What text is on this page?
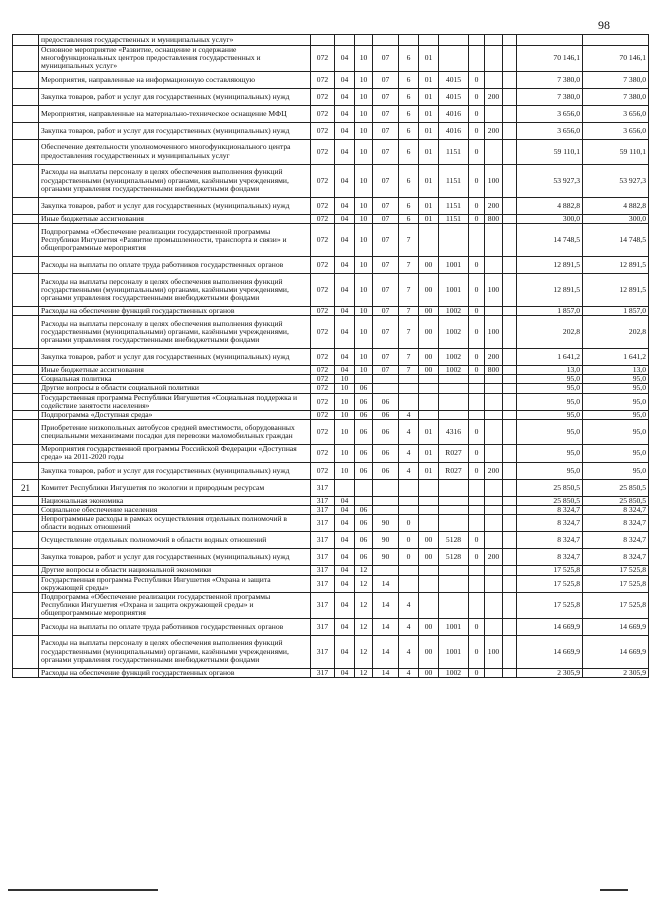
98
	предоставления государственных и муниципальных услуг»												
	Основное мероприятие «Развитие, оснащение и содержание многофункциональных центров предоставления государственных и муниципальных услуг»	072	04	10	07	6	01					70 146,1	70 146,1
	Мероприятия, направленные на информационную составляющую	072	04	10	07	6	01	4015	0			7 380,0	7 380,0
	Закупка товаров, работ и услуг для государственных (муниципальных) нужд	072	04	10	07	6	01	4015	0	200		7 380,0	7 380,0
	Мероприятия, направленные на материально-техническое оснащение МФЦ	072	04	10	07	6	01	4016	0			3 656,0	3 656,0
	Закупка товаров, работ и услуг для государственных (муниципальных) нужд	072	04	10	07	6	01	4016	0	200		3 656,0	3 656,0
	Обеспечение деятельности уполномоченного многофункционального центра предоставления государственных и муниципальных услуг	072	04	10	07	6	01	1151	0			59 110,1	59 110,1
	Расходы на выплаты персоналу в целях обеспечения выполнения функций государственными (муниципальными) органами, казёнными учреждениями, органами управления государственными внебюджетными фондами	072	04	10	07	6	01	1151	0	100		53 927,3	53 927,3
	Закупка товаров, работ и услуг для государственных (муниципальных) нужд	072	04	10	07	6	01	1151	0	200		4 882,8	4 882,8
	Иные бюджетные ассигнования	072	04	10	07	6	01	1151	0	800		300,0	300,0
	Подпрограмма «Обеспечение реализации государственной программы Республики Ингушетия «Развитие промышленности, транспорта и связи» и общепрограммные мероприятия	072	04	10	07	7						14 748,5	14 748,5
	Расходы на выплаты по оплате труда работников государственных органов	072	04	10	07	7	00	1001	0			12 891,5	12 891,5
	Расходы на выплаты персоналу в целях обеспечения выполнения функций государственными (муниципальными) органами, казёнными учреждениями, органами управления государственными внебюджетными фондами	072	04	10	07	7	00	1001	0	100		12 891,5	12 891,5
	Расходы на обеспечение функций государственных органов	072	04	10	07	7	00	1002	0			1 857,0	1 857,0
	Расходы на выплаты персоналу в целях обеспечения выполнения функций государственными (муниципальными) органами, казёнными учреждениями, органами управления государственными внебюджетными фондами	072	04	10	07	7	00	1002	0	100		202,8	202,8
	Закупка товаров, работ и услуг для государственных (муниципальных) нужд	072	04	10	07	7	00	1002	0	200		1 641,2	1 641,2
	Иные бюджетные ассигнования	072	04	10	07	7	00	1002	0	800		13,0	13,0
	Социальная политика	072	10									95,0	95,0
	Другие вопросы в области социальной политики	072	10	06								95,0	95,0
	Государственная программа Республики Ингушетия «Социальная поддержка и содействие занятости населения»	072	10	06	06							95,0	95,0
	Подпрограмма «Доступная среда»	072	10	06	06	4						95,0	95,0
	Приобретение низкопольных автобусов средней вместимости, оборудованных специальными механизмами посадки для перевозки маломобильных граждан	072	10	06	06	4	01	4316	0			95,0	95,0
	Мероприятия государственной программы Российской Федерации «Доступная среда» на 2011-2020 годы	072	10	06	06	4	01	R027	0			95,0	95,0
	Закупка товаров, работ и услуг для государственных (муниципальных) нужд	072	10	06	06	4	01	R027	0	200		95,0	95,0
21	Комитет Республики Ингушетия по экологии и природным ресурсам	317										25 850,5	25 850,5
	Национальная экономика	317	04									25 850,5	25 850,5
	Социальное обеспечение населения	317	04	06								8 324,7	8 324,7
	Непрограммные расходы в рамках осуществления отдельных полномочий в области водных отношений	317	04	06	90	0						8 324,7	8 324,7
	Осуществление отдельных полномочий в области водных отношений	317	04	06	90	0	00	5128	0			8 324,7	8 324,7
	Закупка товаров, работ и услуг для государственных (муниципальных) нужд	317	04	06	90	0	00	5128	0	200		8 324,7	8 324,7
	Другие вопросы в области национальной экономики	317	04	12								17 525,8	17 525,8
	Государственная программа Республики Ингушетия «Охрана и защита окружающей среды»	317	04	12	14							17 525,8	17 525,8
	Подпрограмма «Обеспечение реализации государственной программы Республики Ингушетия «Охрана и защита окружающей среды» и общепрограммные мероприятия	317	04	12	14	4						17 525,8	17 525,8
	Расходы на выплаты по оплате труда работников государственных органов	317	04	12	14	4	00	1001	0			14 669,9	14 669,9
	Расходы на выплаты персоналу в целях обеспечения выполнения функций государственными (муниципальными) органами, казёнными учреждениями, органами управления государственными внебюджетными фондами	317	04	12	14	4	00	1001	0	100		14 669,9	14 669,9
	Расходы на обеспечение функций государственных органов	317	04	12	14	4	00	1002	0			2 305,9	2 305,9
